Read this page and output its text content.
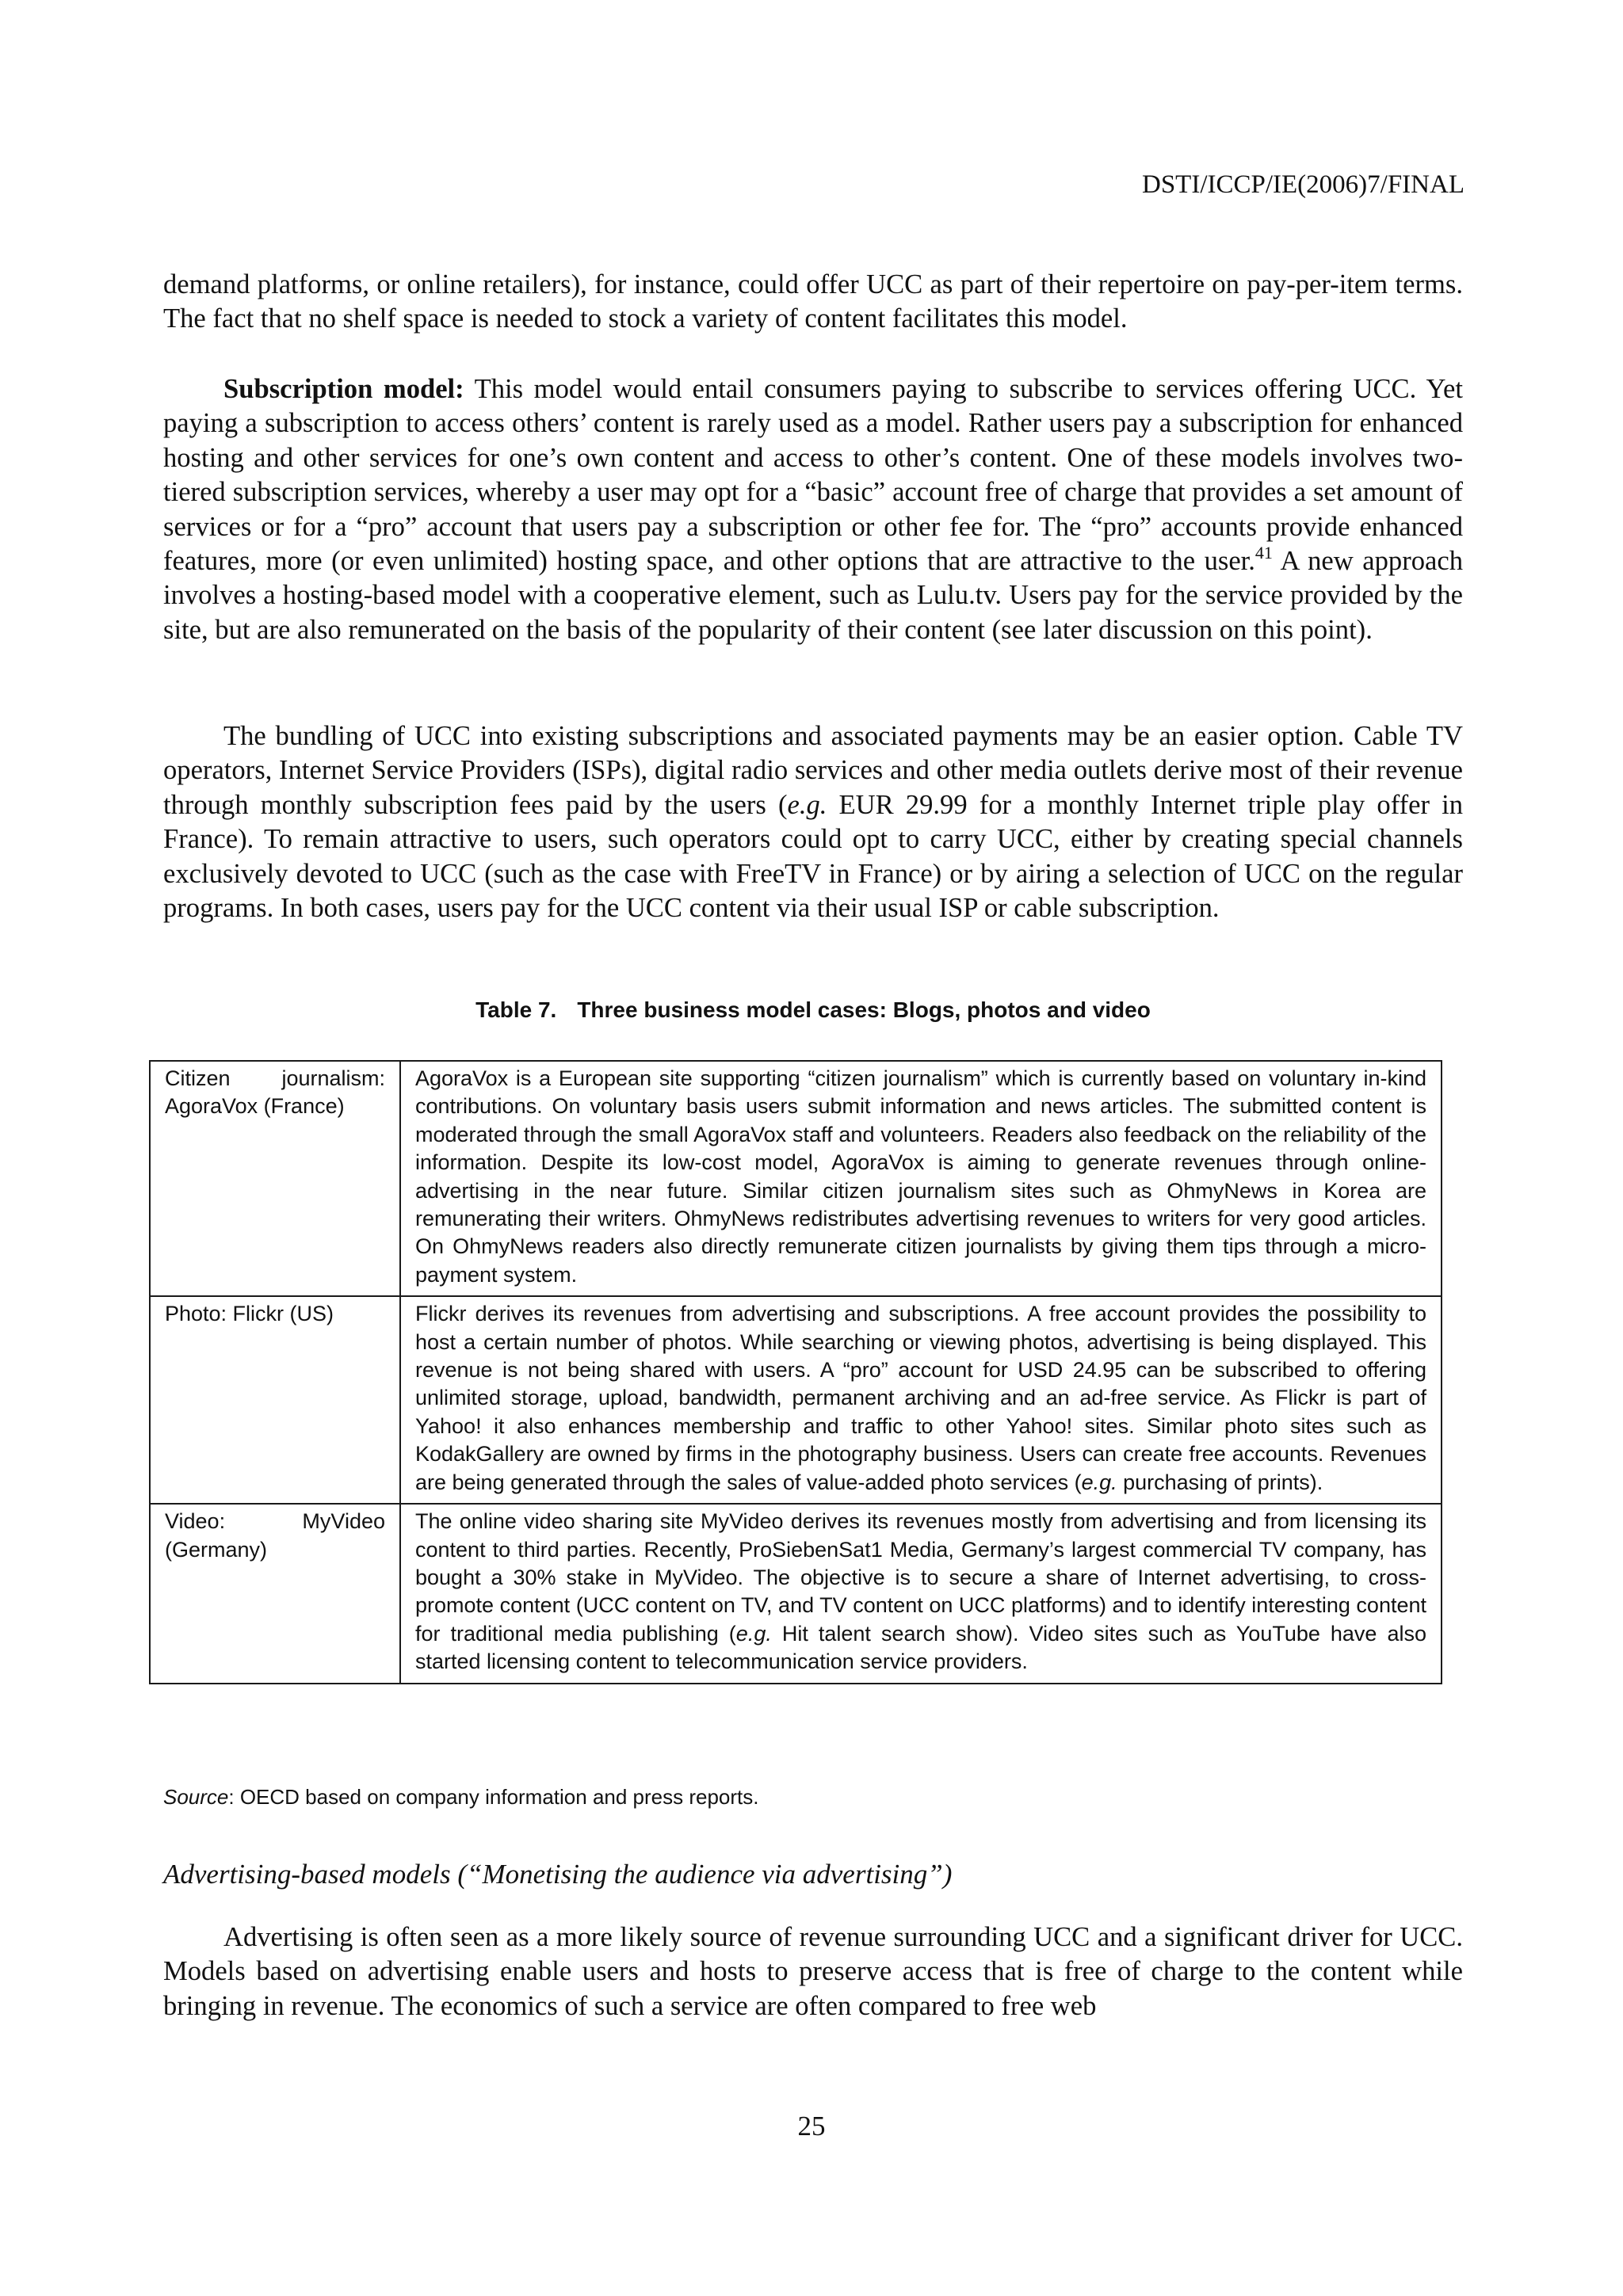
DSTI/ICCP/IE(2006)7/FINAL

demand platforms, or online retailers), for instance, could offer UCC as part of their repertoire on pay-per-item terms. The fact that no shelf space is needed to stock a variety of content facilitates this model.

Subscription model: This model would entail consumers paying to subscribe to services offering UCC. Yet paying a subscription to access others’ content is rarely used as a model. Rather users pay a subscription for enhanced hosting and other services for one’s own content and access to other’s content. One of these models involves two-tiered subscription services, whereby a user may opt for a “basic” account free of charge that provides a set amount of services or for a “pro” account that users pay a subscription or other fee for. The “pro” accounts provide enhanced features, more (or even unlimited) hosting space, and other options that are attractive to the user.$^{41}$ A new approach involves a hosting-based model with a cooperative element, such as Lulu.tv. Users pay for the service provided by the site, but are also remunerated on the basis of the popularity of their content (see later discussion on this point).

The bundling of UCC into existing subscriptions and associated payments may be an easier option. Cable TV operators, Internet Service Providers (ISPs), digital radio services and other media outlets derive most of their revenue through monthly subscription fees paid by the users (e.g. EUR 29.99 for a monthly Internet triple play offer in France). To remain attractive to users, such operators could opt to carry UCC, either by creating special channels exclusively devoted to UCC (such as the case with FreeTV in France) or by airing a selection of UCC on the regular programs. In both cases, users pay for the UCC content via their usual ISP or cable subscription.

Table 7. Three business model cases: Blogs, photos and video
Citizen journalism: AgoraVox (France)	AgoraVox is a European site supporting “citizen journalism” which is currently based on voluntary in-kind contributions. On voluntary basis users submit information and news articles. The submitted content is moderated through the small AgoraVox staff and volunteers. Readers also feedback on the reliability of the information. Despite its low-cost model, AgoraVox is aiming to generate revenues through online-advertising in the near future. Similar citizen journalism sites such as OhmyNews in Korea are remunerating their writers. OhmyNews redistributes advertising revenues to writers for very good articles. On OhmyNews readers also directly remunerate citizen journalists by giving them tips through a micro-payment system.
Photo: Flickr (US)	Flickr derives its revenues from advertising and subscriptions. A free account provides the possibility to host a certain number of photos. While searching or viewing photos, advertising is being displayed. This revenue is not being shared with users. A “pro” account for USD 24.95 can be subscribed to offering unlimited storage, upload, bandwidth, permanent archiving and an ad-free service. As Flickr is part of Yahoo! it also enhances membership and traffic to other Yahoo! sites. Similar photo sites such as KodakGallery are owned by firms in the photography business. Users can create free accounts. Revenues are being generated through the sales of value-added photo services (e.g. purchasing of prints).
Video: MyVideo (Germany)	The online video sharing site MyVideo derives its revenues mostly from advertising and from licensing its content to third parties. Recently, ProSiebenSat1 Media, Germany’s largest commercial TV company, has bought a 30% stake in MyVideo. The objective is to secure a share of Internet advertising, to cross-promote content (UCC content on TV, and TV content on UCC platforms) and to identify interesting content for traditional media publishing (e.g. Hit talent search show). Video sites such as YouTube have also started licensing content to telecommunication service providers.
Source: OECD based on company information and press reports.
Advertising-based models (“Monetising the audience via advertising”)

Advertising is often seen as a more likely source of revenue surrounding UCC and a significant driver for UCC. Models based on advertising enable users and hosts to preserve access that is free of charge to the content while bringing in revenue. The economics of such a service are often compared to free web

25
